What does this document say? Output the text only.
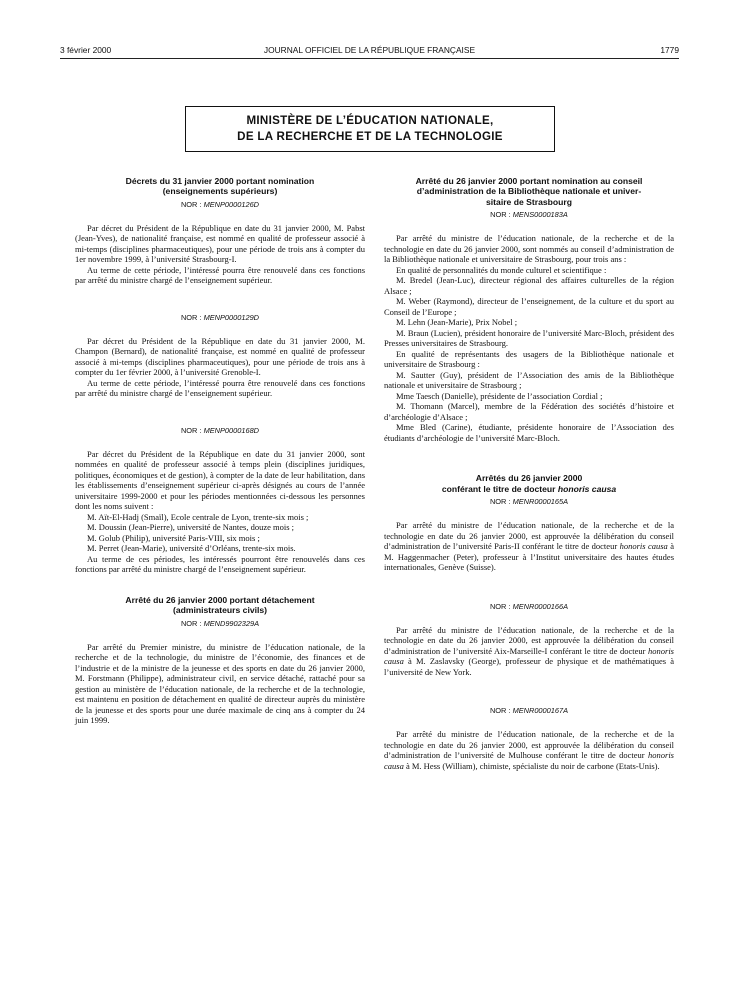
3 février 2000	JOURNAL OFFICIEL DE LA RÉPUBLIQUE FRANÇAISE	1779
MINISTÈRE DE L’ÉDUCATION NATIONALE,
DE LA RECHERCHE ET DE LA TECHNOLOGIE

Décrets du 31 janvier 2000 portant nomination

(enseignements supérieurs)

NOR : MENP0000126D

Par décret du Président de la République en date du 31 janvier 2000, M. Pabst (Jean-Yves), de nationalité française, est nommé en qualité de professeur associé à mi-temps (disciplines pharmaceutiques), pour une période de trois ans à compter du 1er novembre 1999, à l’université Strasbourg-I.

Au terme de cette période, l’intéressé pourra être renouvelé dans ces fonctions par arrêté du ministre chargé de l’enseignement supérieur.

NOR : MENP0000129D

Par décret du Président de la République en date du 31 janvier 2000, M. Champon (Bernard), de nationalité française, est nommé en qualité de professeur associé à mi-temps (disciplines pharmaceutiques), pour une période de trois ans à compter du 1er février 2000, à l’université Grenoble-I.

Au terme de cette période, l’intéressé pourra être renouvelé dans ces fonctions par arrêté du ministre chargé de l’enseignement supérieur.

NOR : MENP0000168D

Par décret du Président de la République en date du 31 janvier 2000, sont nommées en qualité de professeur associé à temps plein (disciplines juridiques, politiques, économiques et de gestion), à compter de la date de leur habilitation, dans les établissements d’enseignement supérieur ci-après désignés au cours de l’année universitaire 1999-2000 et pour les périodes mentionnées ci-dessous les personnes dont les noms suivent :

M. Aït-El-Hadj (Smaïl), Ecole centrale de Lyon, trente-six mois ;

M. Doussin (Jean-Pierre), université de Nantes, douze mois ;

M. Golub (Philip), université Paris-VIII, six mois ;

M. Perret (Jean-Marie), université d’Orléans, trente-six mois.

Au terme de ces périodes, les intéressés pourront être renouvelés dans ces fonctions par arrêté du ministre chargé de l’enseignement supérieur.

Arrêté du 26 janvier 2000 portant détachement

(administrateurs civils)

NOR : MEND9902329A

Par arrêté du Premier ministre, du ministre de l’éducation nationale, de la recherche et de la technologie, du ministre de l’économie, des finances et de l’industrie et de la ministre de la jeunesse et des sports en date du 26 janvier 2000, M. Forstmann (Philippe), administrateur civil, en service détaché, rattaché pour sa gestion au ministère de l’éducation nationale, de la recherche et de la technologie, est maintenu en position de détachement en qualité de directeur auprès du ministère de la jeunesse et des sports pour une durée maximale de cinq ans à compter du 24 juin 1999.

Arrêté du 26 janvier 2000 portant nomination au conseil

d’administration de la Bibliothèque nationale et univer-

sitaire de Strasbourg

NOR : MENS0000183A

Par arrêté du ministre de l’éducation nationale, de la recherche et de la technologie en date du 26 janvier 2000, sont nommés au conseil d’administration de la Bibliothèque nationale et universitaire de Strasbourg, pour trois ans :

En qualité de personnalités du monde culturel et scientifique :

M. Bredel (Jean-Luc), directeur régional des affaires culturelles de la région Alsace ;

M. Weber (Raymond), directeur de l’enseignement, de la culture et du sport au Conseil de l’Europe ;

M. Lehn (Jean-Marie), Prix Nobel ;

M. Braun (Lucien), président honoraire de l’université Marc-Bloch, président des Presses universitaires de Strasbourg.

En qualité de représentants des usagers de la Bibliothèque nationale et universitaire de Strasbourg :

M. Sautter (Guy), président de l’Association des amis de la Bibliothèque nationale et universitaire de Strasbourg ;

Mme Taesch (Danielle), présidente de l’association Cordial ;

M. Thomann (Marcel), membre de la Fédération des sociétés d’histoire et d’archéologie d’Alsace ;

Mme Bled (Carine), étudiante, présidente honoraire de l’Association des étudiants d’archéologie de l’université Marc-Bloch.

Arrêtés du 26 janvier 2000

conférant le titre de docteur honoris causa

NOR : MENR0000165A

Par arrêté du ministre de l’éducation nationale, de la recherche et de la technologie en date du 26 janvier 2000, est approuvée la délibération du conseil d’administration de l’université Paris-II conférant le titre de docteur honoris causa à M. Haggenmacher (Peter), professeur à l’Institut universitaire des hautes études internationales, Genève (Suisse).

NOR : MENR0000166A

Par arrêté du ministre de l’éducation nationale, de la recherche et de la technologie en date du 26 janvier 2000, est approuvée la délibération du conseil d’administration de l’université Aix-Marseille-I conférant le titre de docteur honoris causa à M. Zaslavsky (George), professeur de physique et de mathématiques à l’université de New York.

NOR : MENR0000167A

Par arrêté du ministre de l’éducation nationale, de la recherche et de la technologie en date du 26 janvier 2000, est approuvée la délibération du conseil d’administration de l’université de Mulhouse conférant le titre de docteur honoris causa à M. Hess (William), chimiste, spécialiste du noir de carbone (Etats-Unis).
